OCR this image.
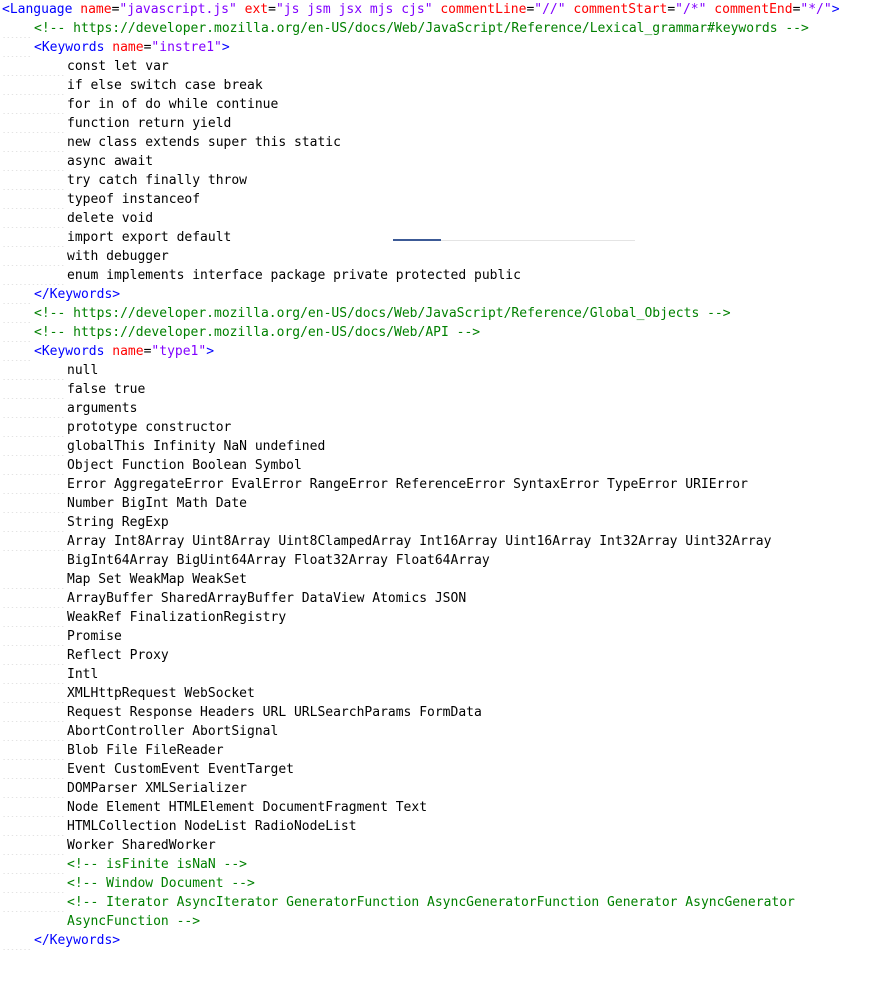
<Language name="javascript.js" ext="js jsm jsx mjs cjs" commentLine="//" commentStart="/*" commentEnd="*/">

<!-- https://developer.mozilla.org/en-US/docs/Web/JavaScript/Reference/Lexical_grammar#keywords -->

<Keywords name="instre1">

const let var
if else switch case break
for in of do while continue
function return yield
new class extends super this static
async await
try catch finally throw
typeof instanceof
delete void
import export default
with debugger
enum implements interface package private protected public

</Keywords>

<!-- https://developer.mozilla.org/en-US/docs/Web/JavaScript/Reference/Global_Objects -->
<!-- https://developer.mozilla.org/en-US/docs/Web/API -->

<Keywords name="type1">

null
false true
arguments
prototype constructor
globalThis Infinity NaN undefined
Object Function Boolean Symbol
Error AggregateError EvalError RangeError ReferenceError SyntaxError TypeError URIError
Number BigInt Math Date
String RegExp
Array Int8Array Uint8Array Uint8ClampedArray Int16Array Uint16Array Int32Array Uint32Array
BigInt64Array BigUint64Array Float32Array Float64Array
Map Set WeakMap WeakSet
ArrayBuffer SharedArrayBuffer DataView Atomics JSON
WeakRef FinalizationRegistry
Promise
Reflect Proxy
Intl
XMLHttpRequest WebSocket
Request Response Headers URL URLSearchParams FormData
AbortController AbortSignal
Blob File FileReader
Event CustomEvent EventTarget
DOMParser XMLSerializer
Node Element HTMLElement DocumentFragment Text
HTMLCollection NodeList RadioNodeList
Worker SharedWorker
<!-- isFinite isNaN -->
<!-- Window Document -->
<!-- Iterator AsyncIterator GeneratorFunction AsyncGeneratorFunction Generator AsyncGenerator
AsyncFunction -->

</Keywords>
